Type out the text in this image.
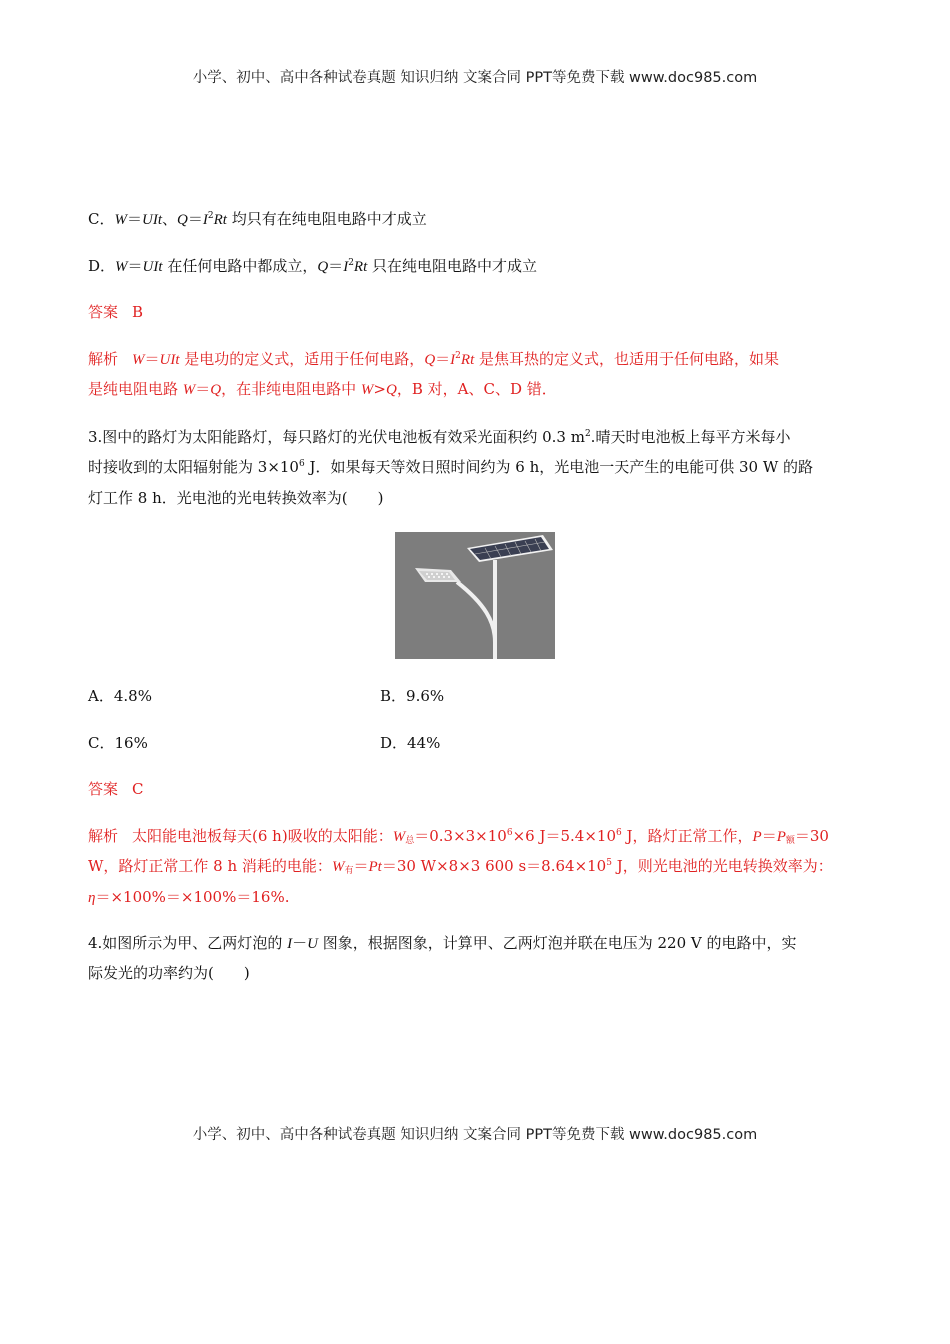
小学、初中、高中各种试卷真题 知识归纳 文案合同 PPT等免费下载 www.doc985.com
C．W＝UIt、$Q=I^2Rt$ 均只有在纯电阻电路中才成立
D．W＝UIt 在任何电路中都成立，$Q=I^2Rt$ 只在纯电阻电路中才成立
答案 B
解析 W＝UIt 是电功的定义式，适用于任何电路，$Q=I^2Rt$ 是焦耳热的定义式，也适用于任何电路，如果
是纯电阻电路 W＝Q，在非纯电阻电路中 W>Q，B 对，A、C、D 错．
3.图中的路灯为太阳能路灯，每只路灯的光伏电池板有效采光面积约 0.3 $m^2$.晴天时电池板上每平方米每小
时接收到的太阳辐射能为 $3\times 10^6$ J．如果每天等效日照时间约为 6 h，光电池一天产生的电能可供 30 W 的路
灯工作 8 h．光电池的光电转换效率为(　　)
A．4.8%	B．9.6%
C．16%	D．44%
答案 C
解析 太阳能电池板每天(6 h)吸收的太阳能：$W_总=0.3\times 3\times 10^6\times 6$ $J=5.4\times 10^6$ J，路灯正常工作，$P=P_额=30$
W，路灯正常工作 8 h 消耗的电能：$W_有=Pt=30$ W×8×3 600 $s=8.64\times 10^5$ J，则光电池的光电转换效率为：
η＝×100%＝×100%＝16%.
4.如图所示为甲、乙两灯泡的 I－U 图象，根据图象，计算甲、乙两灯泡并联在电压为 220 V 的电路中，实
际发光的功率约为(　　)
小学、初中、高中各种试卷真题 知识归纳 文案合同 PPT等免费下载 www.doc985.com
